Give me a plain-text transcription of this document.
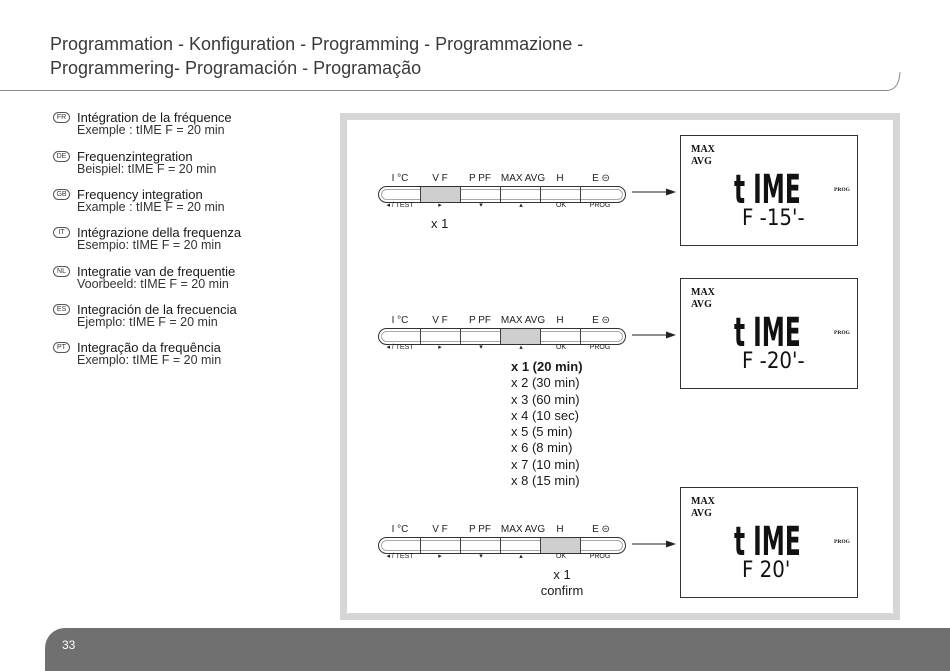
Programmation - Konfiguration - Programming - Programmazione -
Programmering- Programación - Programação
FR Intégration de la fréquence
Exemple : tIME F = 20 min
DE Frequenzintegration
Beispiel: tIME F = 20 min
GB Frequency integration
Example : tIME F = 20 min
IT Intégrazione della frequenza
Esempio: tIME F = 20 min
NL Integratie van de frequentie
Voorbeeld: tIME F = 20 min
ES Integración de la frecuencia
Ejemplo: tIME F = 20 min
PT Integração da frequência
Exemplo: tIME F = 20 min
I °C	V F	P PF MAX AVG	H	E ⊝
◂ / TEST	▸	▾	▴	OK	PROG
x 1
MAX
AVG
t IME	PROG
F -15'-
I °C	V F	P PF MAX AVG	H	E ⊝
◂ / TEST	▸	▾	▴	OK	PROG
x 1 (20 min)
x 2 (30 min)
x 3 (60 min)
x 4 (10 sec)
x 5 (5 min)
x 6 (8 min)
x 7 (10 min)
x 8 (15 min)
MAX
AVG
t IME	PROG
F -20'-
I °C	V F	P PF MAX AVG	H	E ⊝
◂ / TEST	▸	▾	▴	OK	PROG
x 1
confirm
MAX
AVG
t IME	PROG
F 20'
33
